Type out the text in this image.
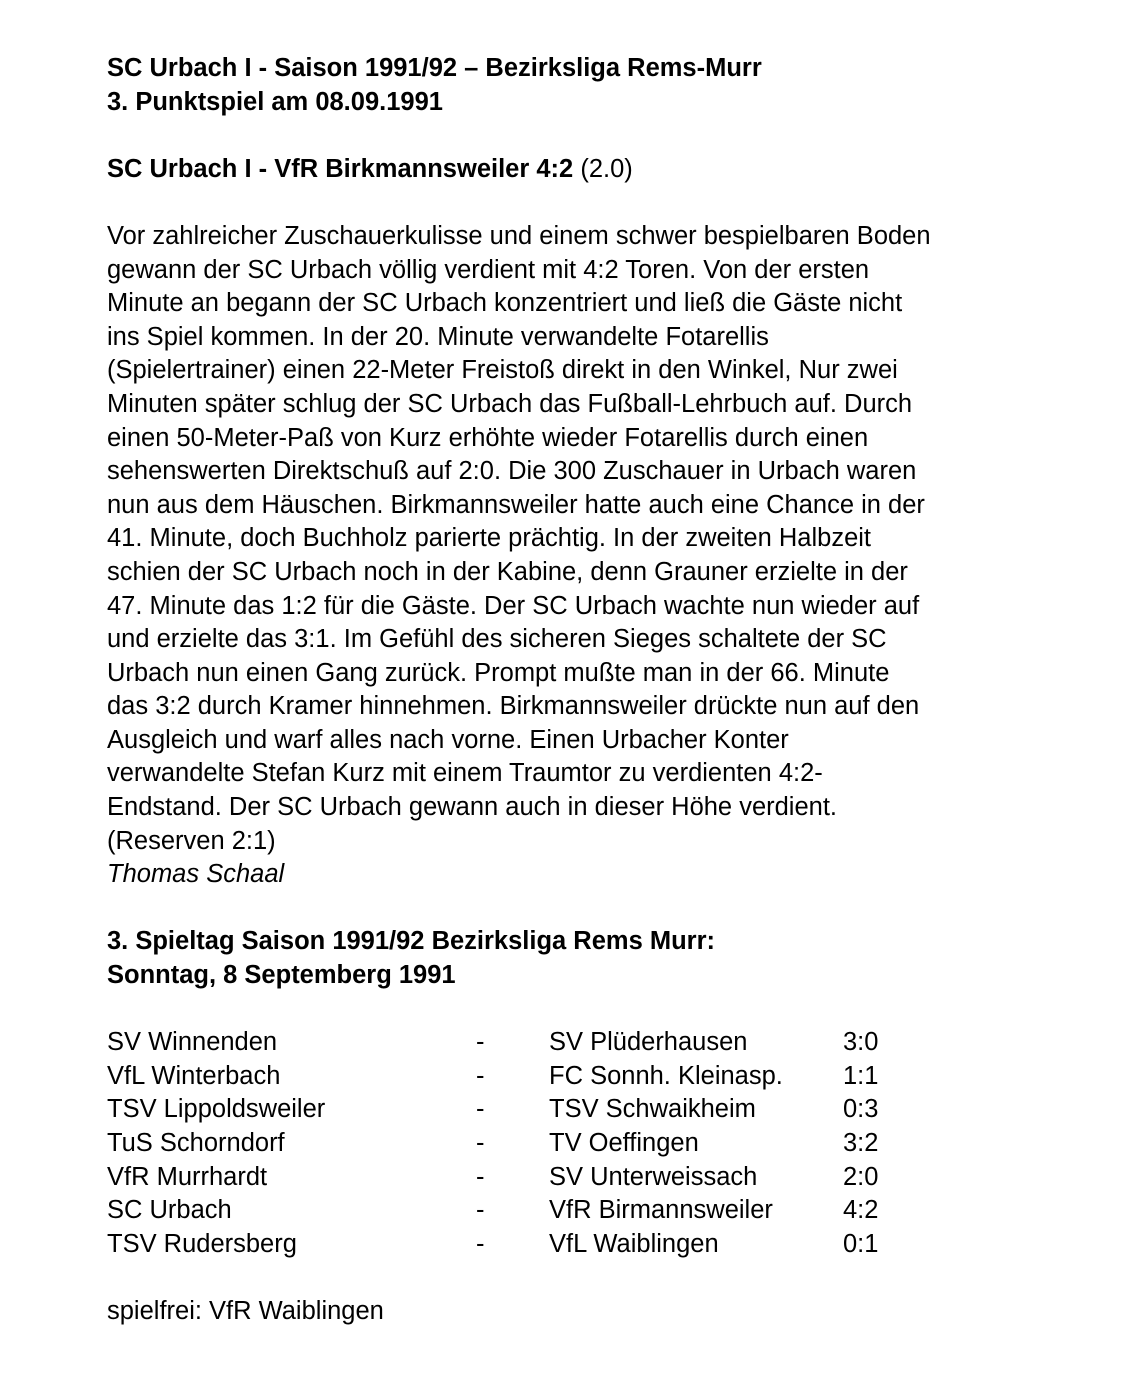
SC Urbach I - Saison 1991/92 – Bezirksliga Rems-Murr

3. Punktspiel am 08.09.1991

SC Urbach I - VfR Birkmannsweiler 4:2 (2.0)

Vor zahlreicher Zuschauerkulisse und einem schwer bespielbaren Boden

gewann der SC Urbach völlig verdient mit 4:2 Toren. Von der ersten

Minute an begann der SC Urbach konzentriert und ließ die Gäste nicht

ins Spiel kommen. In der 20. Minute verwandelte Fotarellis

(Spielertrainer) einen 22-Meter Freistoß direkt in den Winkel, Nur zwei

Minuten später schlug der SC Urbach das Fußball-Lehrbuch auf. Durch

einen 50-Meter-Paß von Kurz erhöhte wieder Fotarellis durch einen

sehenswerten Direktschuß auf 2:0. Die 300 Zuschauer in Urbach waren

nun aus dem Häuschen. Birkmannsweiler hatte auch eine Chance in der

41. Minute, doch Buchholz parierte prächtig. In der zweiten Halbzeit

schien der SC Urbach noch in der Kabine, denn Grauner erzielte in der

47. Minute das 1:2 für die Gäste. Der SC Urbach wachte nun wieder auf

und erzielte das 3:1. Im Gefühl des sicheren Sieges schaltete der SC

Urbach nun einen Gang zurück. Prompt mußte man in der 66. Minute

das 3:2 durch Kramer hinnehmen. Birkmannsweiler drückte nun auf den

Ausgleich und warf alles nach vorne. Einen Urbacher Konter

verwandelte Stefan Kurz mit einem Traumtor zu verdienten 4:2-

Endstand. Der SC Urbach gewann auch in dieser Höhe verdient.

(Reserven 2:1)

Thomas Schaal

3. Spieltag Saison 1991/92 Bezirksliga Rems Murr:

Sonntag, 8 Septemberg 1991

SV Winnenden	-	SV Plüderhausen	3:0
VfL Winterbach	-	FC Sonnh. Kleinasp.	1:1
TSV Lippoldsweiler	-	TSV Schwaikheim	0:3
TuS Schorndorf	-	TV Oeffingen	3:2
VfR Murrhardt	-	SV Unterweissach	2:0
SC Urbach	-	VfR Birmannsweiler	4:2
TSV Rudersberg	-	VfL Waiblingen	0:1

spielfrei: VfR Waiblingen
